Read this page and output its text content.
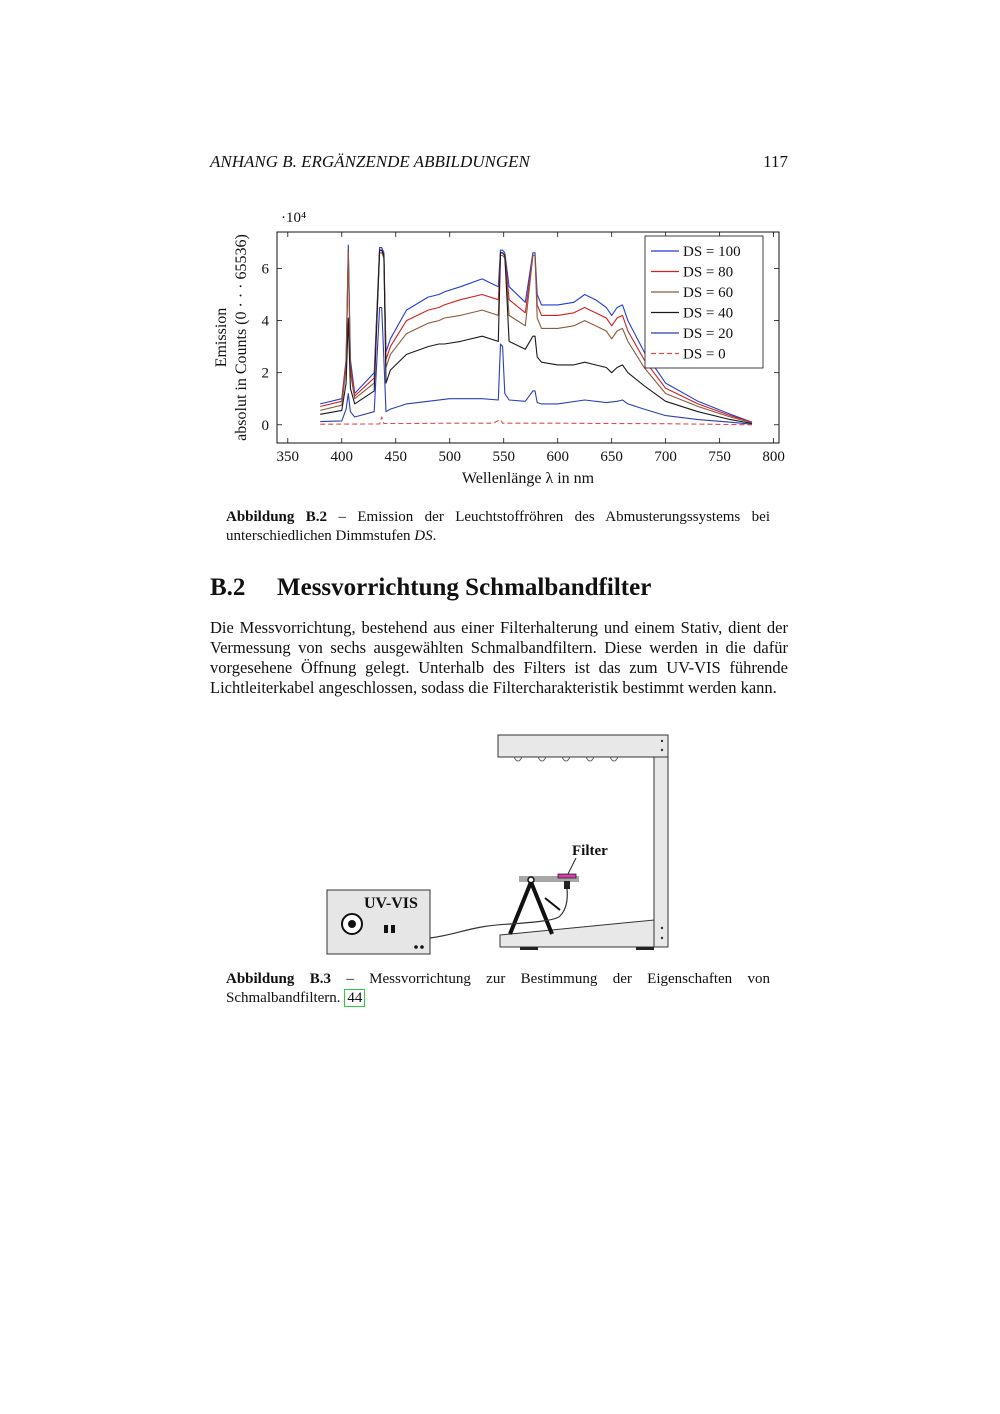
ANHANG B. ERGÄNZENDE ABBILDUNGEN	117
350 400 450 500 550 600 650 700 750 800
0
2
4
6
·10⁴
Wellenlänge λ in nm
Emission absolut in Counts (0 · · · 65536)	DS = 100
DS = 80
DS = 60
DS = 40
DS = 20
DS = 0
Abbildung B.2 – Emission der Leuchtstoffröhren des Abmusterungssystems bei unterschiedlichen Dimmstufen DS.
B.2 Messvorrichtung Schmalbandfilter
Die Messvorrichtung, bestehend aus einer Filterhalterung und einem Stativ, dient der Vermessung von sechs ausgewählten Schmalbandfiltern. Diese werden in die dafür vorgesehene Öffnung gelegt. Unterhalb des Filters ist das zum UV-VIS führende Lichtleiterkabel angeschlossen, sodass die Filtercharakteristik bestimmt werden kann.
UV-VIS
Filter
Abbildung B.3 – Messvorrichtung zur Bestimmung der Eigenschaften von Schmalbandfiltern. 44
